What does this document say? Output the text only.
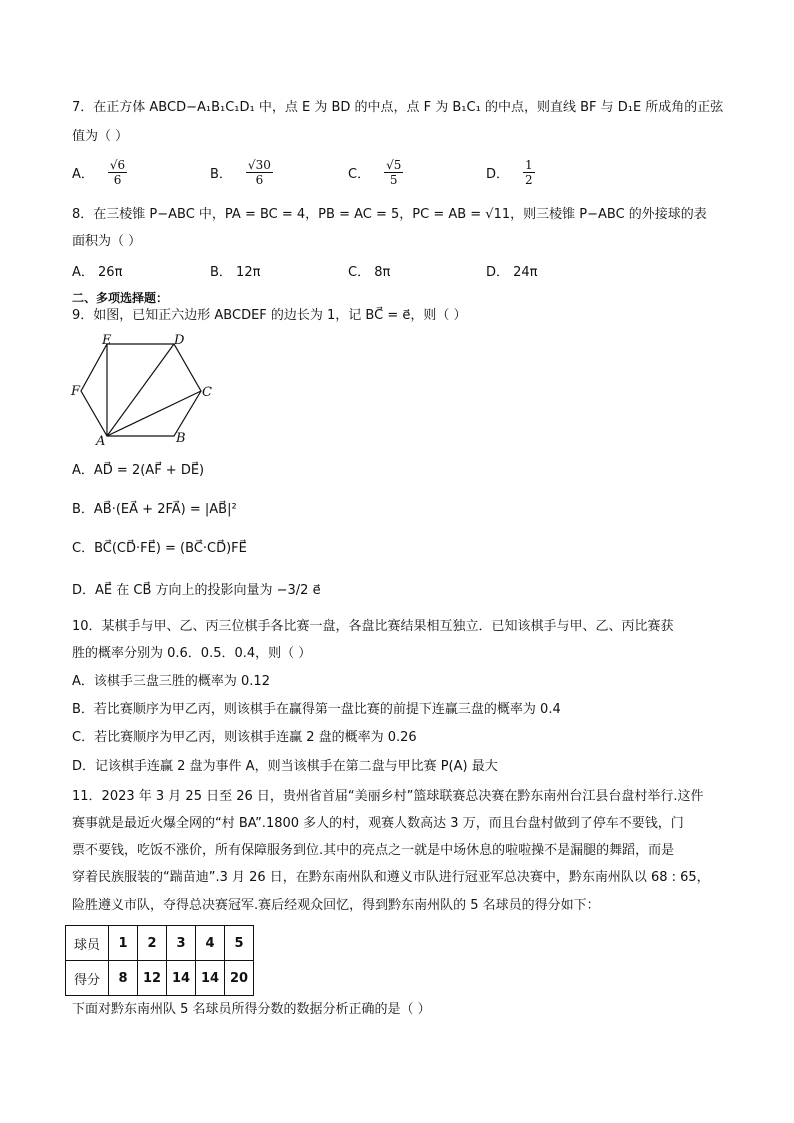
7．在正方体 ABCD−A₁B₁C₁D₁ 中，点 E 为 BD 的中点，点 F 为 B₁C₁ 的中点，则直线 BF 与 D₁E 所成角的正弦
值为（ ）
A． $\frac{√6}{6}$	B． $\frac{√30}{6}$	C． $\frac{√5}{5}$	D． $\frac{1}{2}$
8．在三棱锥 P−ABC 中，PA = BC = 4，PB = AC = 5，PC = AB = √11，则三棱锥 P−ABC 的外接球的表
面积为（ ）
A． 26π	B． 12π	C． 8π	D． 24π
二、多项选择题：
9．如图，已知正六边形 ABCDEF 的边长为 1，记 BC⃗ = e⃗，则（ ）
A	B
C
D
E
F
A．AD⃗ = 2(AF⃗ + DE⃗)
B．AB⃗·(EA⃗ + 2FA⃗) = |AB⃗|²
C．BC⃗(CD⃗·FE⃗) = (BC⃗·CD⃗)FE⃗
D．AE⃗ 在 CB⃗ 方向上的投影向量为 −3/2 e⃗
10．某棋手与甲、乙、丙三位棋手各比赛一盘，各盘比赛结果相互独立．已知该棋手与甲、乙、丙比赛获
胜的概率分别为 0.6．0.5．0.4，则（ ）
A．该棋手三盘三胜的概率为 0.12
B．若比赛顺序为甲乙丙，则该棋手在赢得第一盘比赛的前提下连赢三盘的概率为 0.4
C．若比赛顺序为甲乙丙，则该棋手连赢 2 盘的概率为 0.26
D．记该棋手连赢 2 盘为事件 A，则当该棋手在第二盘与甲比赛 P(A) 最大
11．2023 年 3 月 25 日至 26 日，贵州省首届“美丽乡村”篮球联赛总决赛在黔东南州台江县台盘村举行.这件
赛事就是最近火爆全网的“村 BA”.1800 多人的村，观赛人数高达 3 万，而且台盘村做到了停车不要钱，门
票不要钱，吃饭不涨价，所有保障服务到位.其中的亮点之一就是中场休息的啦啦操不是漏腿的舞蹈，而是
穿着民族服装的“踹苗迪”.3 月 26 日，在黔东南州队和遵义市队进行冠亚军总决赛中，黔东南州队以 68 : 65，
险胜遵义市队，夺得总决赛冠军.赛后经观众回忆，得到黔东南州队的 5 名球员的得分如下：
球员	1	2	3	4	5
得分	8	12	14	14	20
下面对黔东南州队 5 名球员所得分数的数据分析正确的是（ ）
